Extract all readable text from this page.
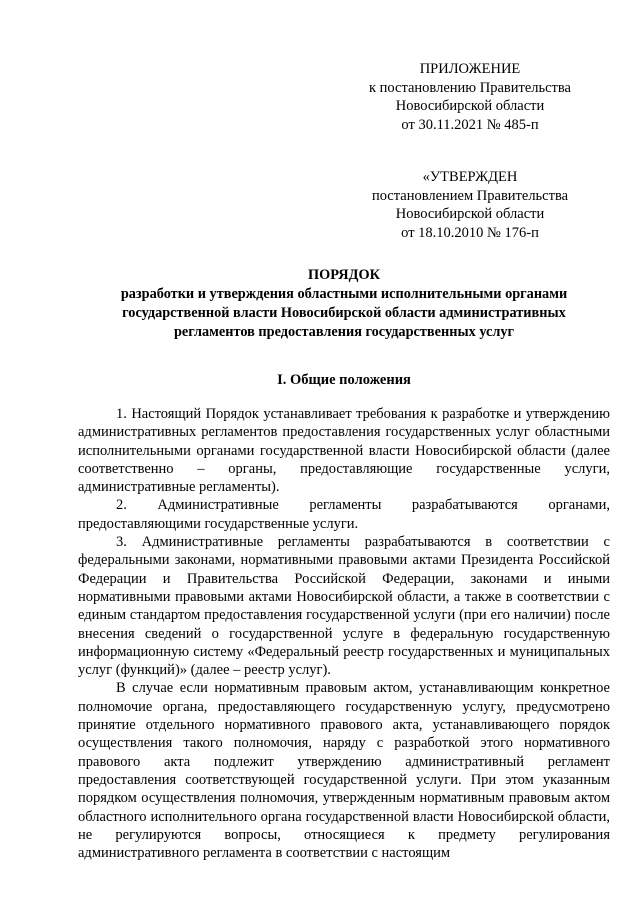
ПРИЛОЖЕНИЕ
к постановлению Правительства
Новосибирской области
от 30.11.2021 № 485-п
«УТВЕРЖДЕН
постановлением Правительства
Новосибирской области
от 18.10.2010 № 176-п
ПОРЯДОК
разработки и утверждения областными исполнительными органами
государственной власти Новосибирской области административных
регламентов предоставления государственных услуг
I. Общие положения

1. Настоящий Порядок устанавливает требования к разработке и утверждению административных регламентов предоставления государственных услуг областными исполнительными органами государственной власти Новосибирской области (далее соответственно – органы, предоставляющие государственные услуги, административные регламенты).

2. Административные регламенты разрабатываются органами, предоставляющими государственные услуги.

3. Административные регламенты разрабатываются в соответствии с федеральными законами, нормативными правовыми актами Президента Российской Федерации и Правительства Российской Федерации, законами и иными нормативными правовыми актами Новосибирской области, а также в соответствии с единым стандартом предоставления государственной услуги (при его наличии) после внесения сведений о государственной услуге в федеральную государственную информационную систему «Федеральный реестр государственных и муниципальных услуг (функций)» (далее – реестр услуг).

В случае если нормативным правовым актом, устанавливающим конкретное полномочие органа, предоставляющего государственную услугу, предусмотрено принятие отдельного нормативного правового акта, устанавливающего порядок осуществления такого полномочия, наряду с разработкой этого нормативного правового акта подлежит утверждению административный регламент предоставления соответствующей государственной услуги. При этом указанным порядком осуществления полномочия, утвержденным нормативным правовым актом областного исполнительного органа государственной власти Новосибирской области, не регулируются вопросы, относящиеся к предмету регулирования административного регламента в соответствии с настоящим
